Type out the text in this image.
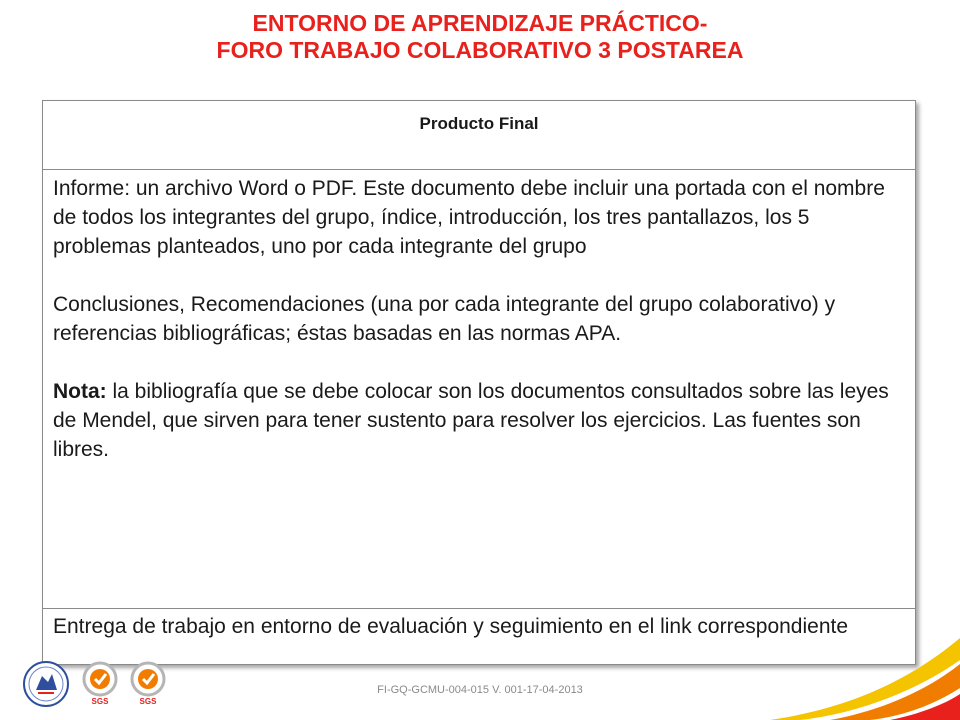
ENTORNO DE APRENDIZAJE PRÁCTICO-
FORO TRABAJO COLABORATIVO 3 POSTAREA
Producto Final

Informe: un archivo Word o PDF. Este documento debe incluir una portada con el nombre de todos los integrantes del grupo, índice, introducción, los tres pantallazos, los 5 problemas planteados, uno por cada integrante del grupo

Conclusiones, Recomendaciones (una por cada integrante del grupo colaborativo) y referencias bibliográficas; éstas basadas en las normas APA.

Nota: la bibliografía que se debe colocar son los documentos consultados sobre las leyes de Mendel, que sirven para tener sustento para resolver los ejercicios. Las fuentes son libres.

Entrega de trabajo en entorno de evaluación y seguimiento en el link correspondiente
SGS	SGS
FI-GQ-GCMU-004-015 V. 001-17-04-2013
